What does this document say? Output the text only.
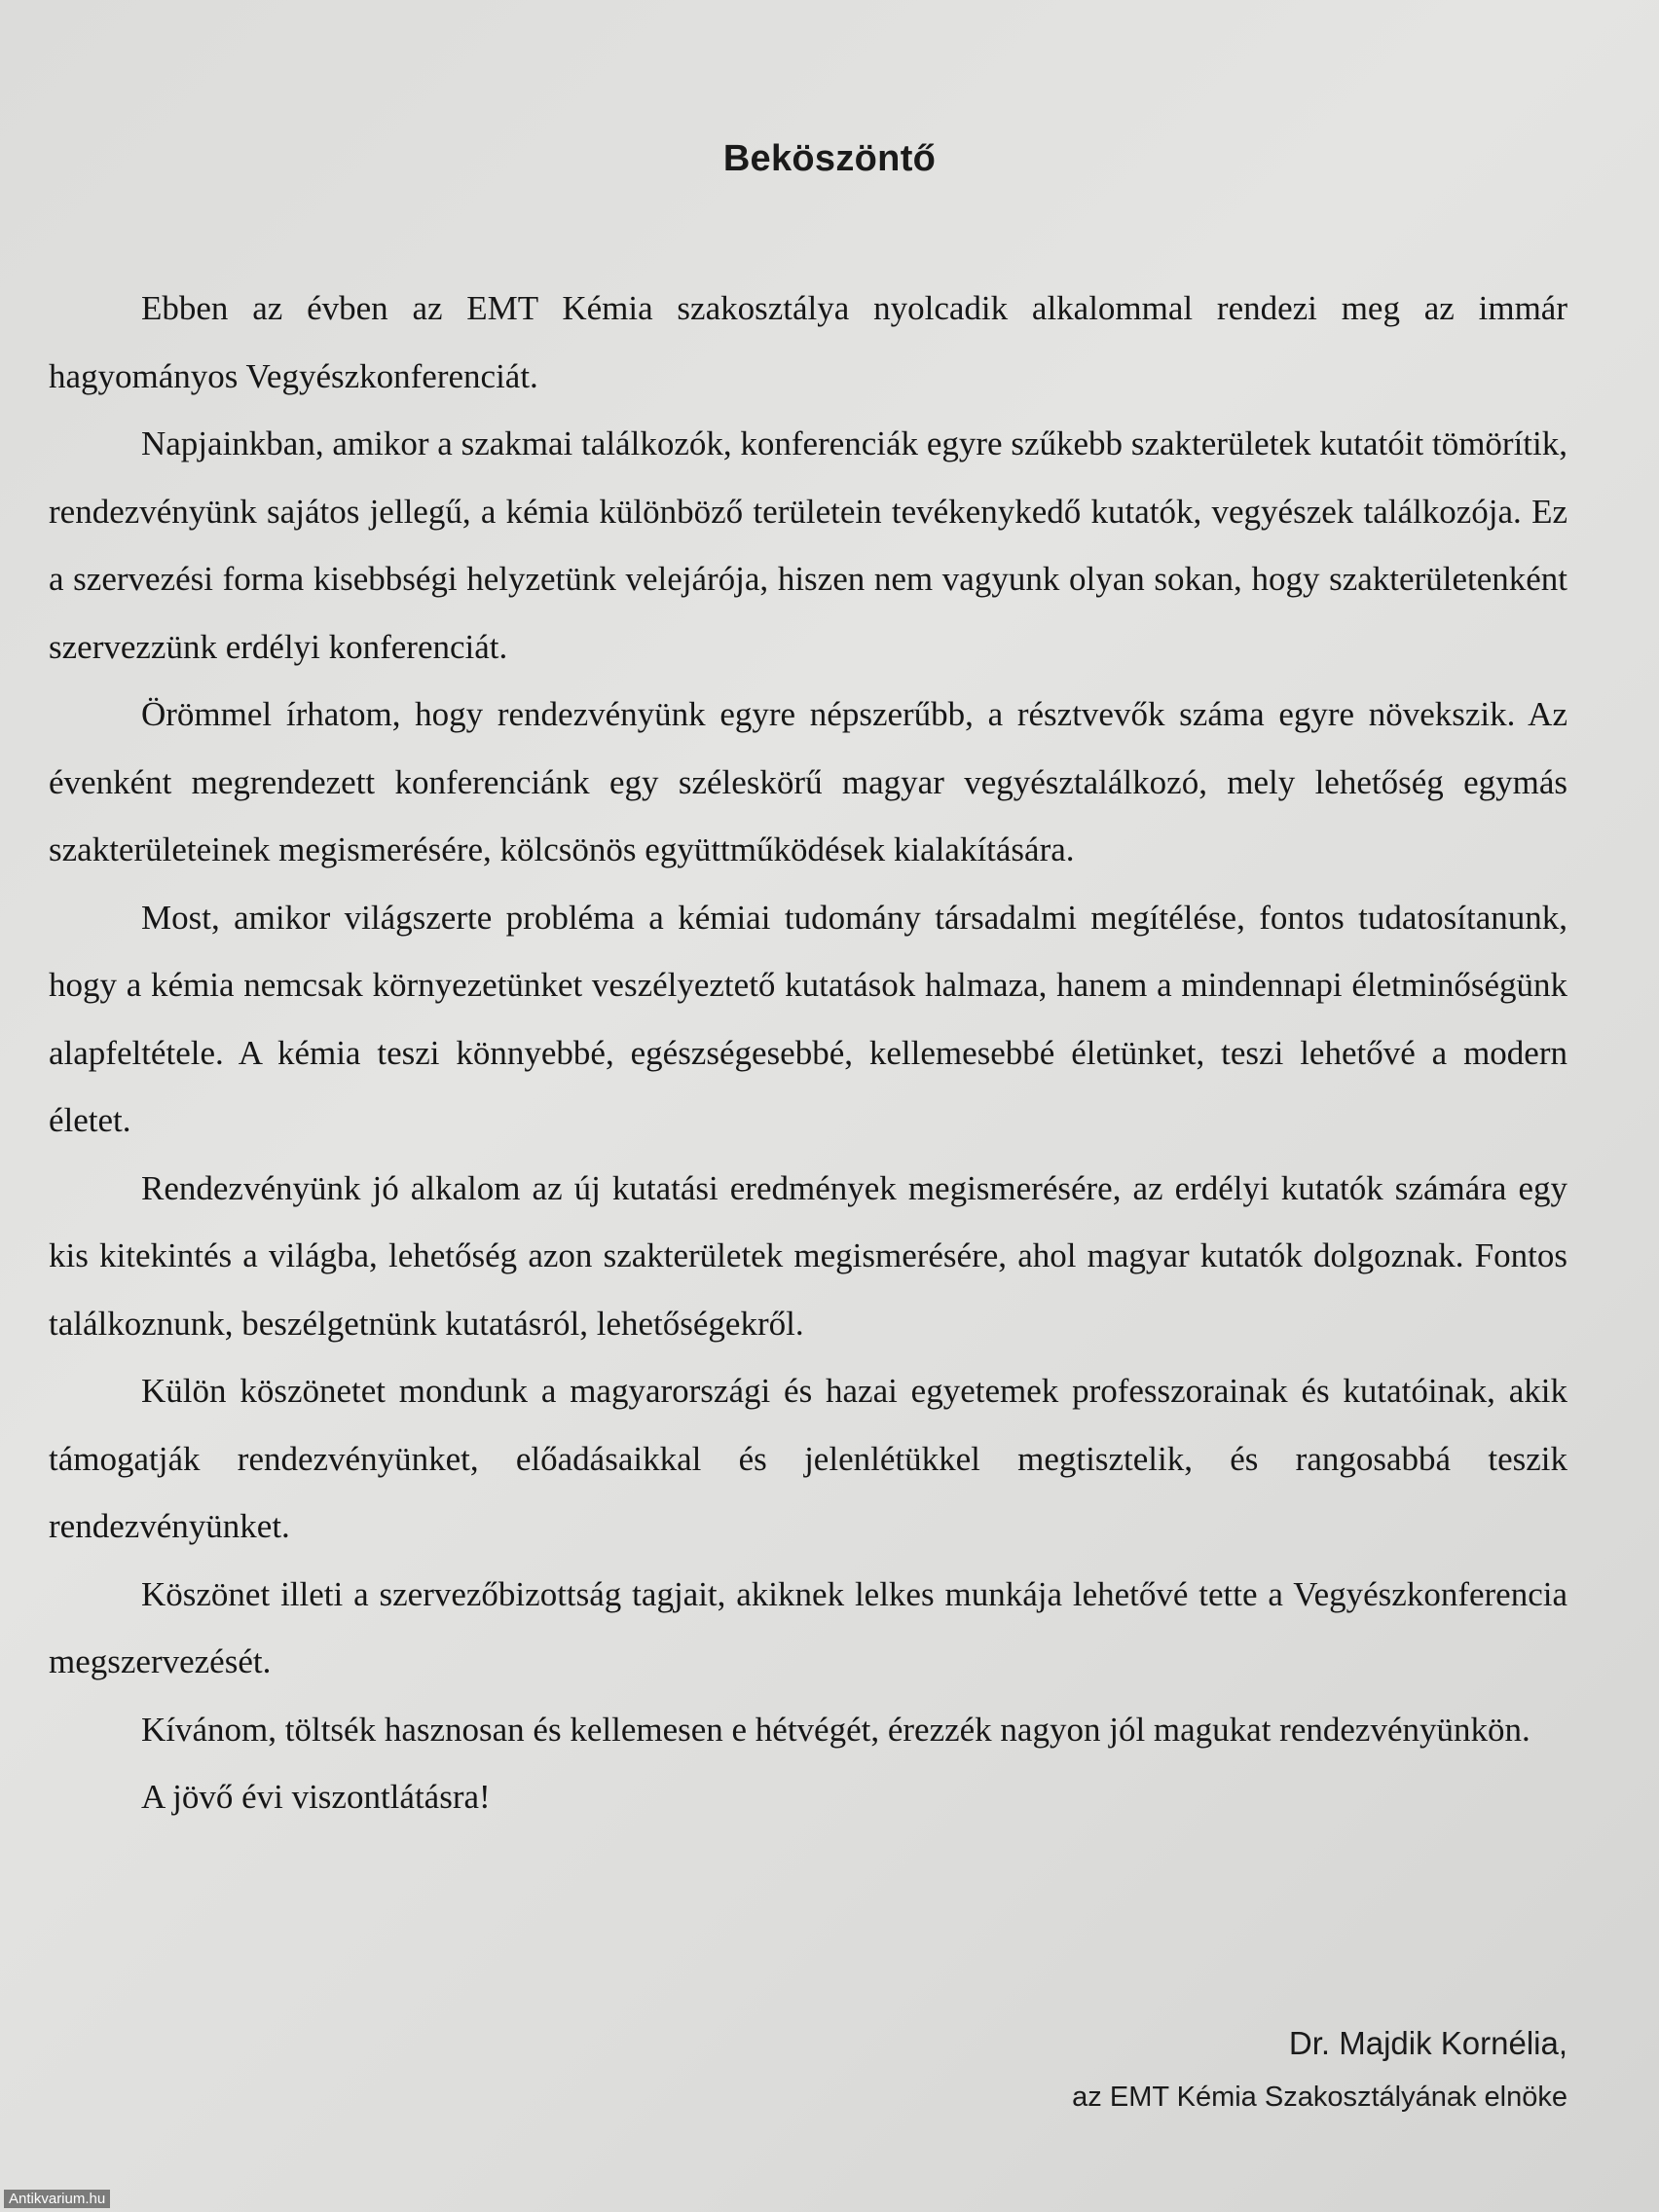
Beköszöntő

Ebben az évben az EMT Kémia szakosztálya nyolcadik alkalommal rendezi meg az immár hagyományos Vegyészkonferenciát.

Napjainkban, amikor a szakmai találkozók, konferenciák egyre szűkebb szakterületek kutatóit tömörítik, rendezvényünk sajátos jellegű, a kémia különböző területein tevékenykedő kutatók, vegyészek találkozója. Ez a szervezési forma kisebbségi helyzetünk velejárója, hiszen nem vagyunk olyan sokan, hogy szakterületenként szervezzünk erdélyi konferenciát.

Örömmel írhatom, hogy rendezvényünk egyre népszerűbb, a résztvevők száma egyre növekszik. Az évenként megrendezett konferenciánk egy széleskörű magyar vegyésztalálkozó, mely lehetőség egymás szakterületeinek megismerésére, kölcsönös együttműködések kialakítására.

Most, amikor világszerte probléma a kémiai tudomány társadalmi megítélése, fontos tudatosítanunk, hogy a kémia nemcsak környezetünket veszélyeztető kutatások halmaza, hanem a mindennapi életminőségünk alapfeltétele. A kémia teszi könnyebbé, egészségesebbé, kellemesebbé életünket, teszi lehetővé a modern életet.

Rendezvényünk jó alkalom az új kutatási eredmények megismerésére, az erdélyi kutatók számára egy kis kitekintés a világba, lehetőség azon szakterületek megismerésére, ahol magyar kutatók dolgoznak. Fontos találkoznunk, beszélgetnünk kutatásról, lehetőségekről.

Külön köszönetet mondunk a magyarországi és hazai egyetemek professzorainak és kutatóinak, akik támogatják rendezvényünket, előadásaikkal és jelenlétükkel megtisztelik, és rangosabbá teszik rendezvényünket.

Köszönet illeti a szervezőbizottság tagjait, akiknek lelkes munkája lehetővé tette a Vegyészkonferencia megszervezését.

Kívánom, töltsék hasznosan és kellemesen e hétvégét, érezzék nagyon jól magukat rendezvényünkön.

A jövő évi viszontlátásra!

Dr. Majdik Kornélia,
az EMT Kémia Szakosztályának elnöke
Antikvarium.hu
